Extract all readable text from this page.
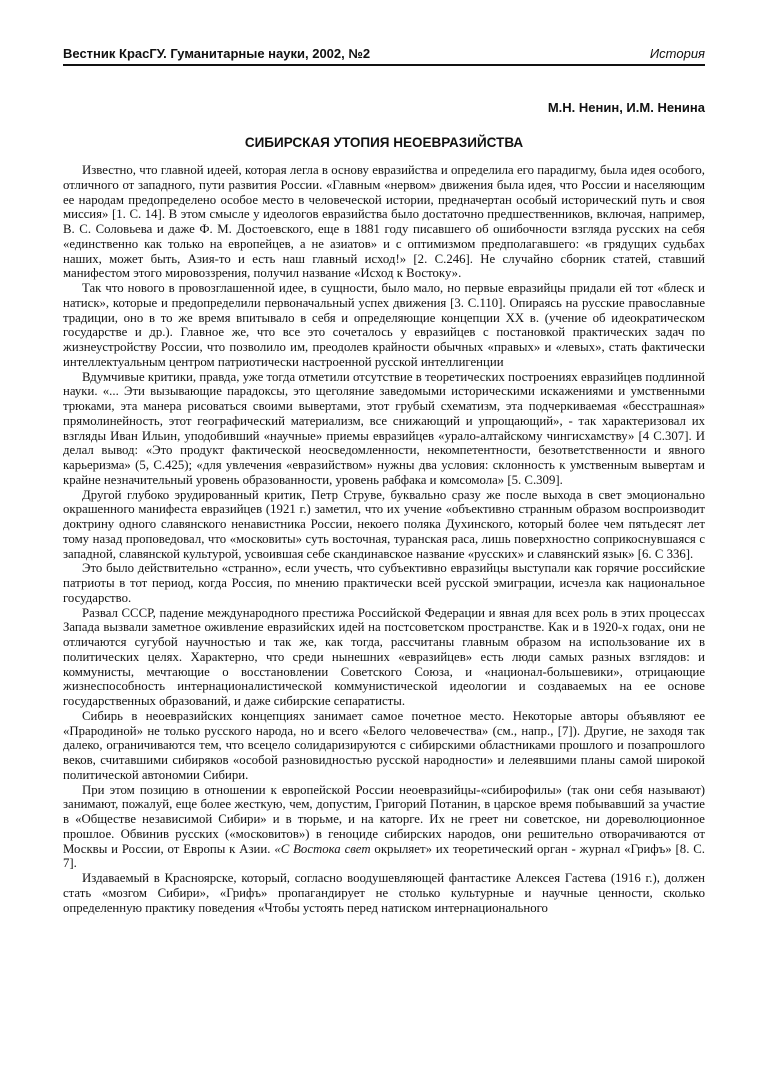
Вестник КрасГУ. Гуманитарные науки, 2002, №2	История
М.Н. Ненин, И.М. Ненина
СИБИРСКАЯ УТОПИЯ НЕОЕВРАЗИЙСТВА

Известно, что главной идеей, которая легла в основу евразийства и определила его парадигму, была идея особого, отличного от западного, пути развития России. «Главным «нервом» движения была идея, что России и населяющим ее народам предопределено особое место в человеческой истории, предначертан особый исторический путь и своя миссия» [1. С. 14]. В этом смысле у идеологов евразийства было достаточно предшественников, включая, например, В. С. Соловьева и даже Ф. М. Достоевского, еще в 1881 году писавшего об ошибочности взгляда русских на себя «единственно как только на европейцев, а не азиатов» и с оптимизмом предполагавшего: «в грядущих судьбах наших, может быть, Азия-то и есть наш главный исход!» [2. С.246]. Не случайно сборник статей, ставший манифестом этого мировоззрения, получил название «Исход к Востоку».

Так что нового в провозглашенной идее, в сущности, было мало, но первые евразийцы придали ей тот «блеск и натиск», которые и предопределили первоначальный успех движения [3. С.110]. Опираясь на русские православные традиции, оно в то же время впитывало в себя и определяющие концепции XX в. (учение об идеократическом государстве и др.). Главное же, что все это сочеталось у евразийцев с постановкой практических задач по жизнеустройству России, что позволило им, преодолев крайности обычных «правых» и «левых», стать фактически интеллектуальным центром патриотически настроенной русской интеллигенции

Вдумчивые критики, правда, уже тогда отметили отсутствие в теоретических построениях евразийцев подлинной науки. «... Эти вызывающие парадоксы, это щеголяние заведомыми историческими искажениями и умственными трюками, эта манера рисоваться своими вывертами, этот грубый схематизм, эта подчеркиваемая «бесстрашная» прямолинейность, этот географический материализм, все снижающий и упрощающий», - так характеризовал их взгляды Иван Ильин, уподобивший «научные» приемы евразийцев «урало-алтайскому чингисхамству» [4 С.307]. И делал вывод: «Это продукт фактической неосведомленности, некомпетентности, безответственности и явного карьеризма» (5, С.425); «для увлечения «евразийством» нужны два условия: склонность к умственным вывертам и крайне незначительный уровень образованности, уровень рабфака и комсомола» [5. С.309].

Другой глубоко эрудированный критик, Петр Струве, буквально сразу же после выхода в свет эмоционально окрашенного манифеста евразийцев (1921 г.) заметил, что их учение «объективно странным образом воспроизводит доктрину одного славянского ненавистника России, некоего поляка Духинского, который более чем пятьдесят лет тому назад проповедовал, что «московиты» суть восточная, туранская раса, лишь поверхностно соприкоснувшаяся с западной, славянской культурой, усвоившая себе скандинавское название «русских» и славянский язык» [6. С 336].

Это было действительно «странно», если учесть, что субъективно евразийцы выступали как горячие российские патриоты в тот период, когда Россия, по мнению практически всей русской эмиграции, исчезла как национальное государство.

Развал СССР, падение международного престижа Российской Федерации и явная для всех роль в этих процессах Запада вызвали заметное оживление евразийских идей на постсоветском пространстве. Как и в 1920-х годах, они не отличаются сугубой научностью и так же, как тогда, рассчитаны главным образом на использование их в политических целях. Характерно, что среди нынешних «евразийцев» есть люди самых разных взглядов: и коммунисты, мечтающие о восстановлении Советского Союза, и «национал-большевики», отрицающие жизнеспособность интернационалистической коммунистической идеологии и создаваемых на ее основе государственных образований, и даже сибирские сепаратисты.

Сибирь в неоевразийских концепциях занимает самое почетное место. Некоторые авторы объявляют ее «Прародиной» не только русского народа, но и всего «Белого человечества» (см., напр., [7]). Другие, не заходя так далеко, ограничиваются тем, что всецело солидаризируются с сибирскими областниками прошлого и позапрошлого веков, считавшими сибиряков «особой разновидностью русской народности» и лелеявшими планы самой широкой политической автономии Сибири.

При этом позицию в отношении к европейской России неоевразийцы-«сибирофилы» (так они себя называют) занимают, пожалуй, еще более жесткую, чем, допустим, Григорий Потанин, в царское время побывавший за участие в «Обществе независимой Сибири» и в тюрьме, и на каторге. Их не греет ни советское, ни дореволюционное прошлое. Обвинив русских («московитов») в геноциде сибирских народов, они решительно отворачиваются от Москвы и России, от Европы к Азии. «С Востока свет окрыляет» их теоретический орган - журнал «Грифъ» [8. С. 7].

Издаваемый в Красноярске, который, согласно воодушевляющей фантастике Алексея Гастева (1916 г.), должен стать «мозгом Сибири», «Грифъ» пропагандирует не столько культурные и научные ценности, сколько определенную практику поведения «Чтобы устоять перед натиском интернационального
